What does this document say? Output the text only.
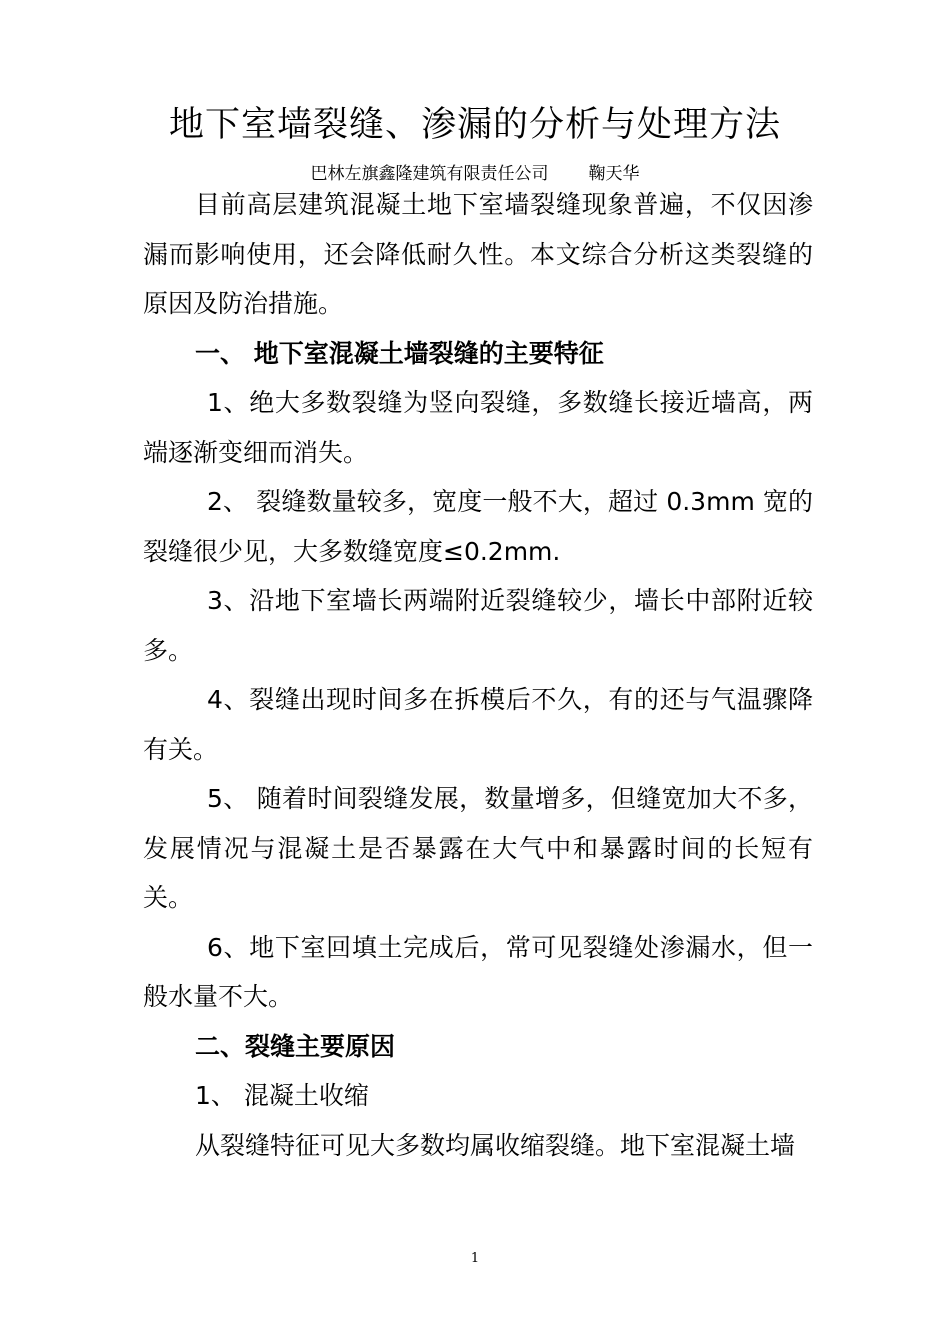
地下室墙裂缝、渗漏的分析与处理方法
巴林左旗鑫隆建筑有限责任公司 鞠天华

目前高层建筑混凝土地下室墙裂缝现象普遍，不仅因渗漏而影响使用，还会降低耐久性。本文综合分析这类裂缝的原因及防治措施。

一、 地下室混凝土墙裂缝的主要特征

1、绝大多数裂缝为竖向裂缝，多数缝长接近墙高，两端逐渐变细而消失。

2、 裂缝数量较多，宽度一般不大，超过 0.3mm 宽的裂缝很少见，大多数缝宽度≤0.2mm.

3、沿地下室墙长两端附近裂缝较少，墙长中部附近较多。

4、裂缝出现时间多在拆模后不久，有的还与气温骤降有关。

5、 随着时间裂缝发展，数量增多，但缝宽加大不多，发展情况与混凝土是否暴露在大气中和暴露时间的长短有关。

6、地下室回填土完成后，常可见裂缝处渗漏水，但一般水量不大。

二、裂缝主要原因

1、 混凝土收缩

从裂缝特征可见大多数均属收缩裂缝。地下室混凝土墙

1
